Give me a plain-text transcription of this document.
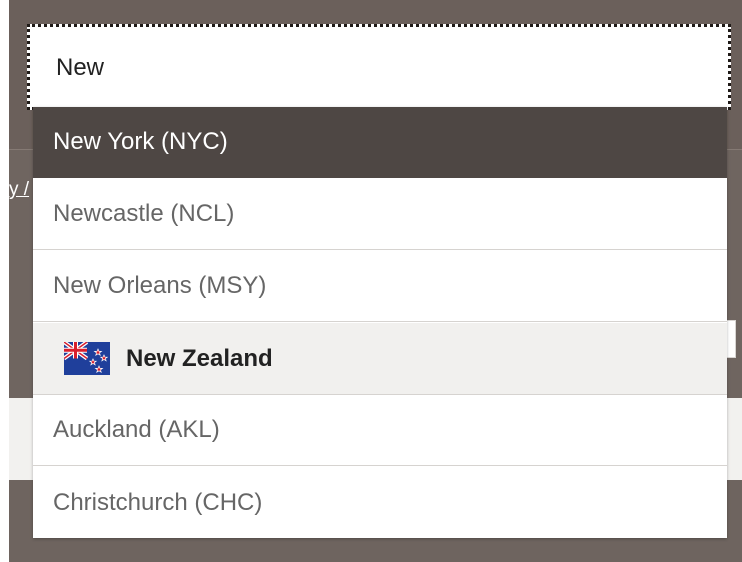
y /
New
New York (NYC)
Newcastle (NCL)
New Orleans (MSY)
New Zealand
Auckland (AKL)
Christchurch (CHC)
